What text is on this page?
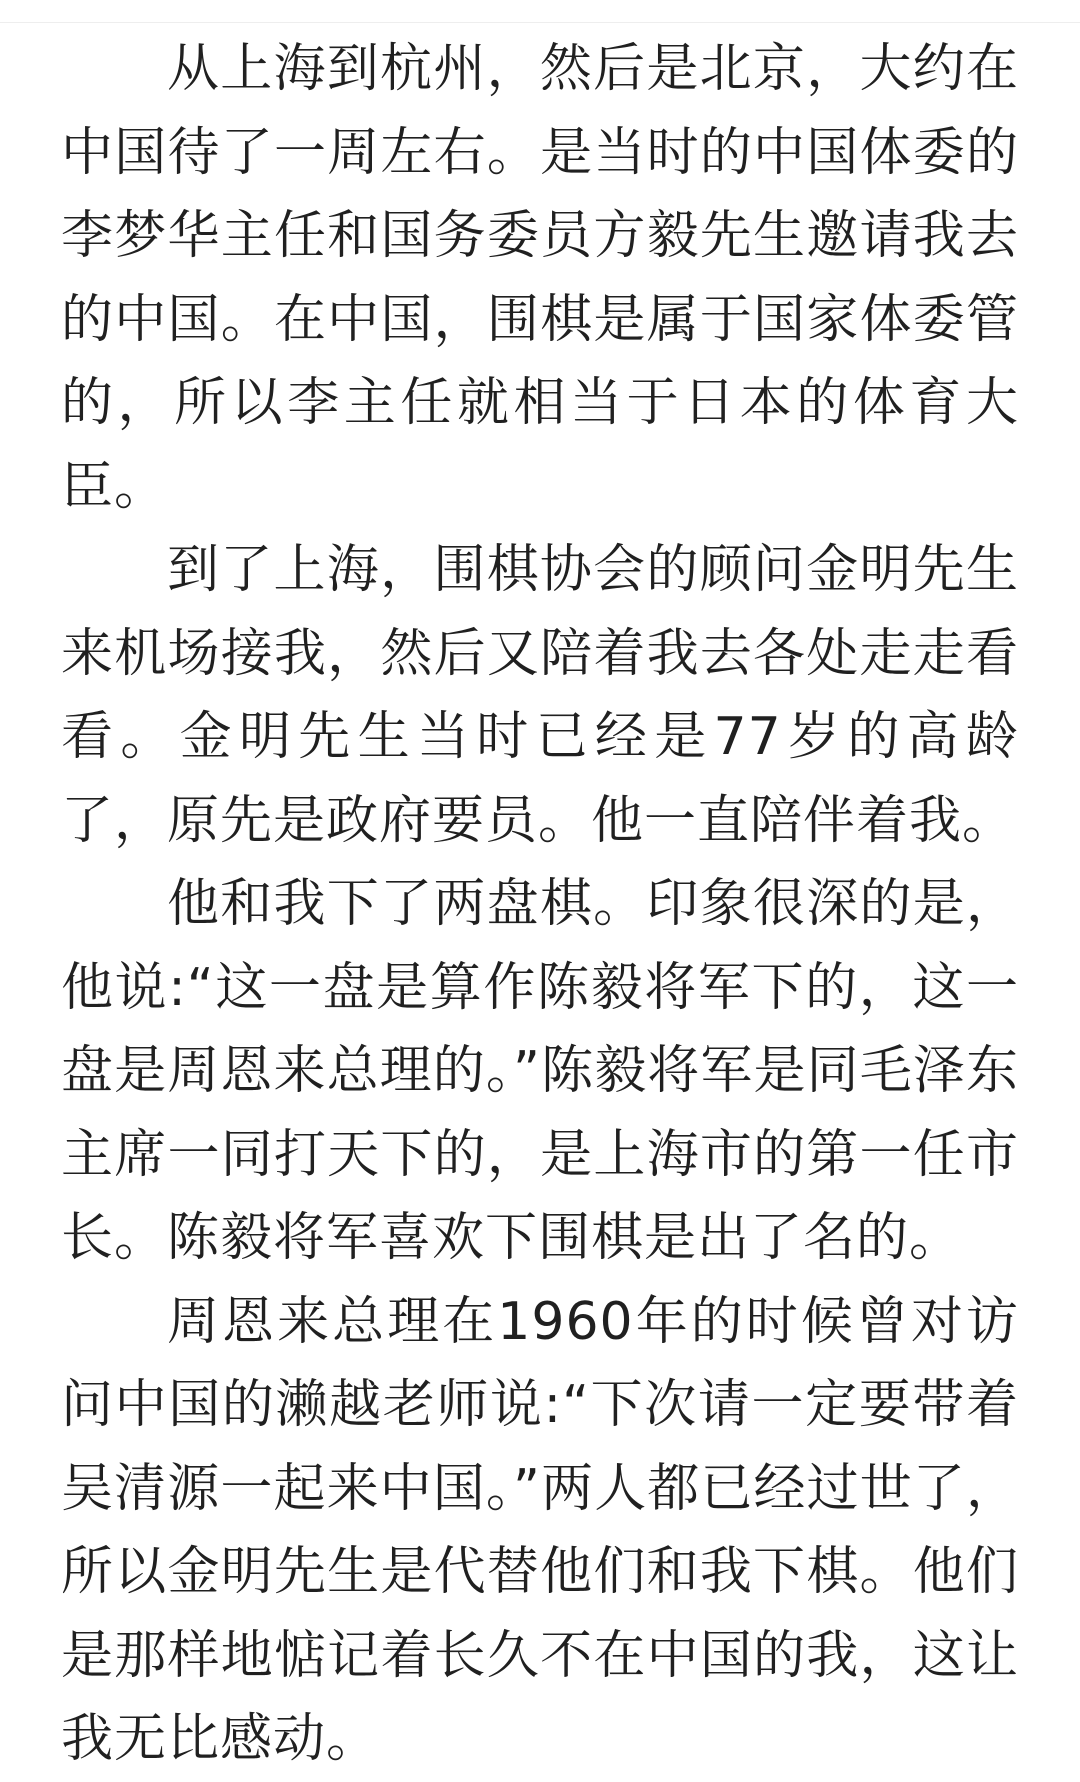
从上海到杭州，然后是北京，大约在中国待了一周左右。是当时的中国体委的李梦华主任和国务委员方毅先生邀请我去的中国。在中国，围棋是属于国家体委管的，所以李主任就相当于日本的体育大臣。

到了上海，围棋协会的顾问金明先生来机场接我，然后又陪着我去各处走走看看。金明先生当时已经是77岁的高龄了，原先是政府要员。他一直陪伴着我。

他和我下了两盘棋。印象很深的是，他说:“这一盘是算作陈毅将军下的，这一盘是周恩来总理的。”陈毅将军是同毛泽东主席一同打天下的，是上海市的第一任市长。陈毅将军喜欢下围棋是出了名的。

周恩来总理在1960年的时候曾对访问中国的濑越老师说:“下次请一定要带着吴清源一起来中国。”两人都已经过世了，所以金明先生是代替他们和我下棋。他们是那样地惦记着长久不在中国的我，这让我无比感动。
